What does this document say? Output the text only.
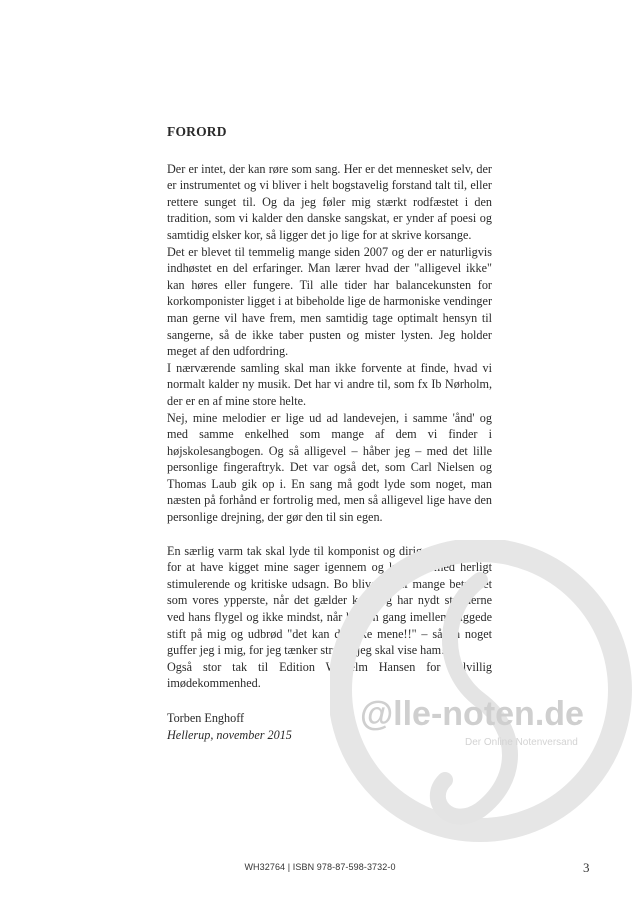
FORORD

Der er intet, der kan røre som sang. Her er det mennesket selv, der er instrumentet og vi bliver i helt bogstavelig forstand talt til, eller rettere sunget til. Og da jeg føler mig stærkt rodfæstet i den tradition, som vi kalder den danske sangskat, er ynder af poesi og samtidig elsker kor, så ligger det jo lige for at skrive korsange.

Det er blevet til temmelig mange siden 2007 og der er naturligvis indhøstet en del erfaringer. Man lærer hvad der "alligevel ikke" kan høres eller fungere. Til alle tider har balancekunsten for korkomponister ligget i at bibeholde lige de harmoniske vendinger man gerne vil have frem, men samtidig tage optimalt hensyn til sangerne, så de ikke taber pusten og mister lysten. Jeg holder meget af den udfordring.

I nærværende samling skal man ikke forvente at finde, hvad vi normalt kalder ny musik. Det har vi andre til, som fx Ib Nørholm, der er en af mine store helte.

Nej, mine melodier er lige ud ad landevejen, i samme 'ånd' og med samme enkelhed som mange af dem vi finder i højskolesangbogen. Og så alligevel – håber jeg – med det lille personlige fingeraftryk. Det var også det, som Carl Nielsen og Thomas Laub gik op i. En sang må godt lyde som noget, man næsten på forhånd er fortrolig med, men så alligevel lige have den personlige drejning, der gør den til sin egen.

En særlig varm tak skal lyde til komponist og dirigent Bo Holten for at have kigget mine sager igennem og kommet med herligt stimulerende og kritiske udsagn. Bo bliver jo af mange betragtet som vores ypperste, når det gælder kor. Jeg har nydt stunderne ved hans flygel og ikke mindst, når han en gang imellem kiggede stift på mig og udbrød "det kan du ikke mene!!" – sådan noget guffer jeg i mig, for jeg tænker straks "jeg skal vise ham!".

Også stor tak til Edition Wilhelm Hansen for velvillig imødekommenhed.

Torben Enghoff
Hellerup, november 2015
@lle-noten.de
Der Online Notenversand
WH32764 | ISBN 978-87-598-3732-0	3
